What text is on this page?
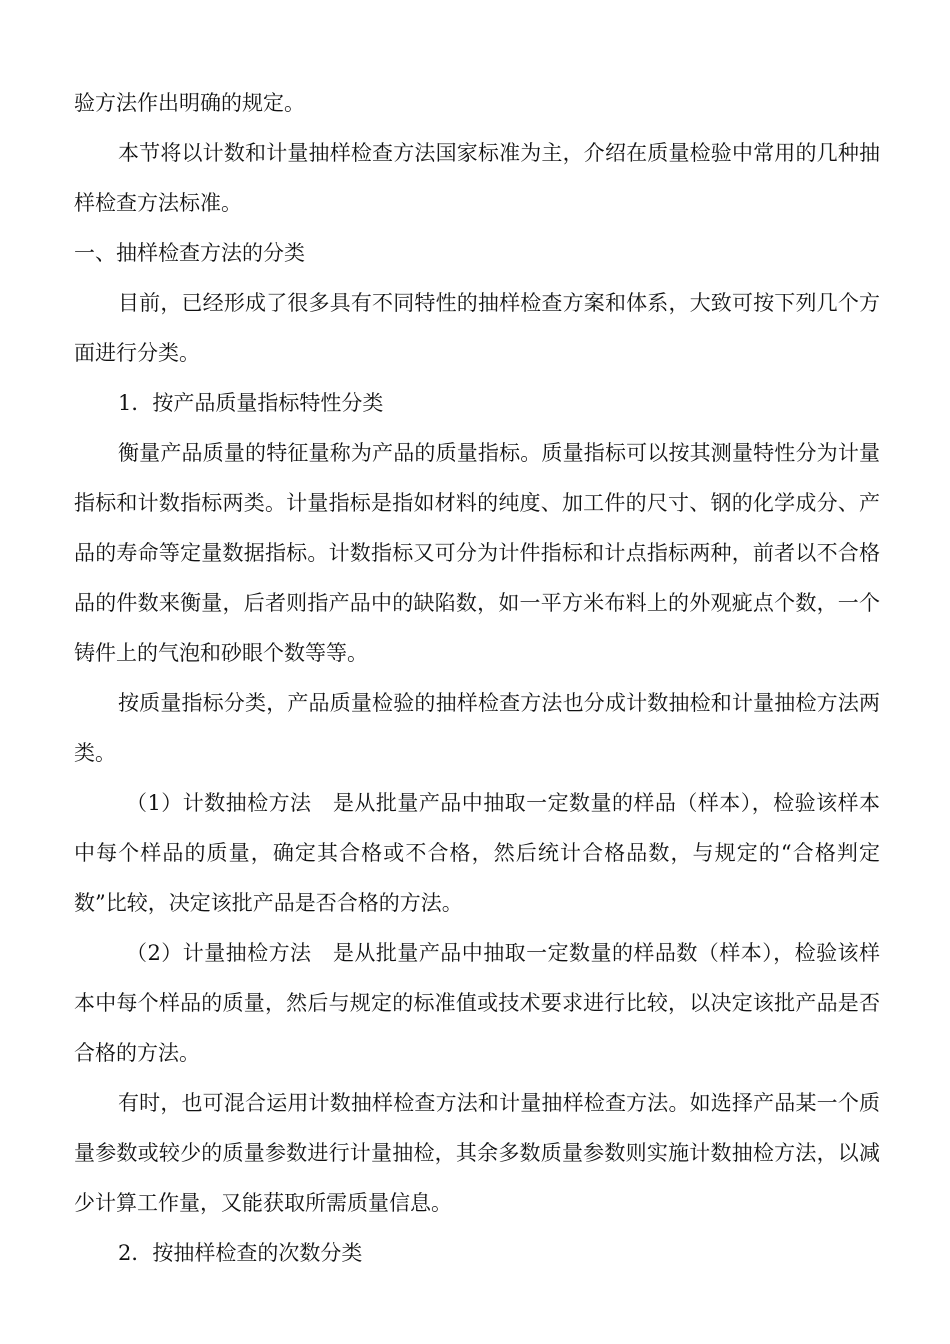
验方法作出明确的规定。

本节将以计数和计量抽样检查方法国家标准为主，介绍在质量检验中常用的几种抽样检查方法标准。

一、抽样检查方法的分类

目前，已经形成了很多具有不同特性的抽样检查方案和体系，大致可按下列几个方面进行分类。

1．按产品质量指标特性分类

衡量产品质量的特征量称为产品的质量指标。质量指标可以按其测量特性分为计量指标和计数指标两类。计量指标是指如材料的纯度、加工件的尺寸、钢的化学成分、产品的寿命等定量数据指标。计数指标又可分为计件指标和计点指标两种，前者以不合格品的件数来衡量，后者则指产品中的缺陷数，如一平方米布料上的外观疵点个数，一个铸件上的气泡和砂眼个数等等。

按质量指标分类，产品质量检验的抽样检查方法也分成计数抽检和计量抽检方法两类。

（1）计数抽检方法　是从批量产品中抽取一定数量的样品（样本），检验该样本中每个样品的质量，确定其合格或不合格，然后统计合格品数，与规定的“合格判定数”比较，决定该批产品是否合格的方法。

（2）计量抽检方法　是从批量产品中抽取一定数量的样品数（样本），检验该样本中每个样品的质量，然后与规定的标准值或技术要求进行比较，以决定该批产品是否合格的方法。

有时，也可混合运用计数抽样检查方法和计量抽样检查方法。如选择产品某一个质量参数或较少的质量参数进行计量抽检，其余多数质量参数则实施计数抽检方法，以减少计算工作量，又能获取所需质量信息。

2．按抽样检查的次数分类
